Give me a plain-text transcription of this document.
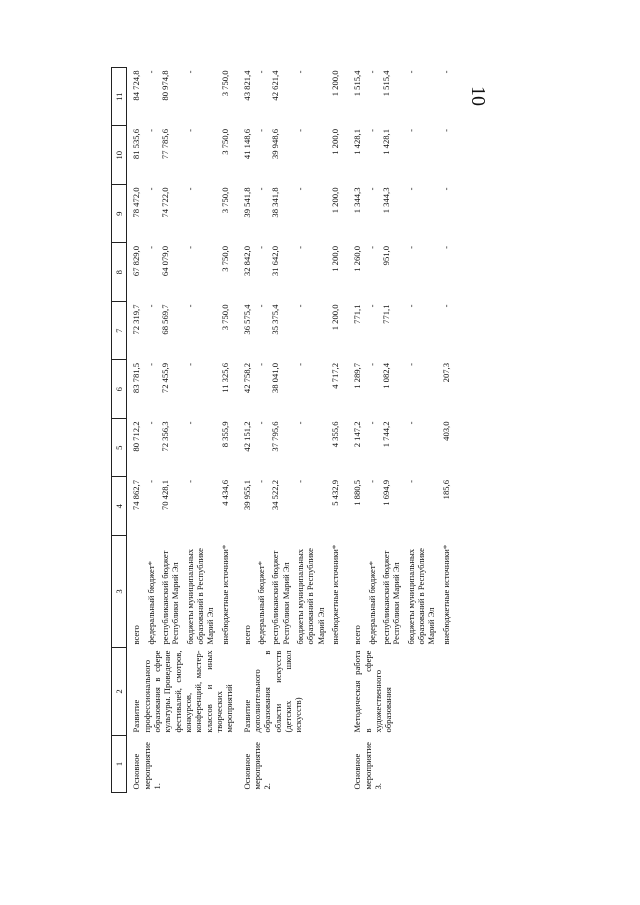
10
1	2	3	4	5	6	7	8	9	10	11
Основное мероприятие 1.	Развитие профессионального образования в сфере культуры. Проведение фестивалей, смотров, конкурсов, конференций, мастер-классов и иных творческих мероприятий	всего	74 862,7	80 712,2	83 781,5	72 319,7	67 829,0	78 472,0	81 535,6	84 724,8
		федеральный бюджет*	-	-	-	-	-	-	-	-
		республиканский бюджет Республики Марий Эл	70 428,1	72 356,3	72 455,9	68 569,7	64 079,0	74 722,0	77 785,6	80 974,8
		бюджеты муниципальных образований в Республике Марий Эл	-	-	-	-	-	-	-	-
		внебюджетные источники*	4 434,6	8 355,9	11 325,6	3 750,0	3 750,0	3 750,0	3 750,0	3 750,0
Основное мероприятие 2.	Развитие дополнительного образования в области искусств (детских школ искусств)	всего	39 955,1	42 151,2	42 758,2	36 575,4	32 842,0	39 541,8	41 148,6	43 821,4
		федеральный бюджет*	-	-	-	-	-	-	-	-
		республиканский бюджет Республики Марий Эл	34 522,2	37 795,6	38 041,0	35 375,4	31 642,0	38 341,8	39 948,6	42 621,4
		бюджеты муниципальных образований в Республике Марий Эл	-	-	-	-	-	-	-	-
		внебюджетные источники*	5 432,9	4 355,6	4 717,2	1 200,0	1 200,0	1 200,0	1 200,0	1 200,0
Основное мероприятие 3.	Методическая работа в сфере художественного образования	всего	1 880,5	2 147,2	1 289,7	771,1	1 260,0	1 344,3	1 428,1	1 515,4
		федеральный бюджет*	-	-	-	-	-	-	-	-
		республиканский бюджет Республики Марий Эл	1 694,9	1 744,2	1 082,4	771,1	951,0	1 344,3	1 428,1	1 515,4
		бюджеты муниципальных образований в Республике Марий Эл	-	-	-	-	-	-	-	-
		внебюджетные источники*	185,6	403,0	207,3	-	-	-	-	-
